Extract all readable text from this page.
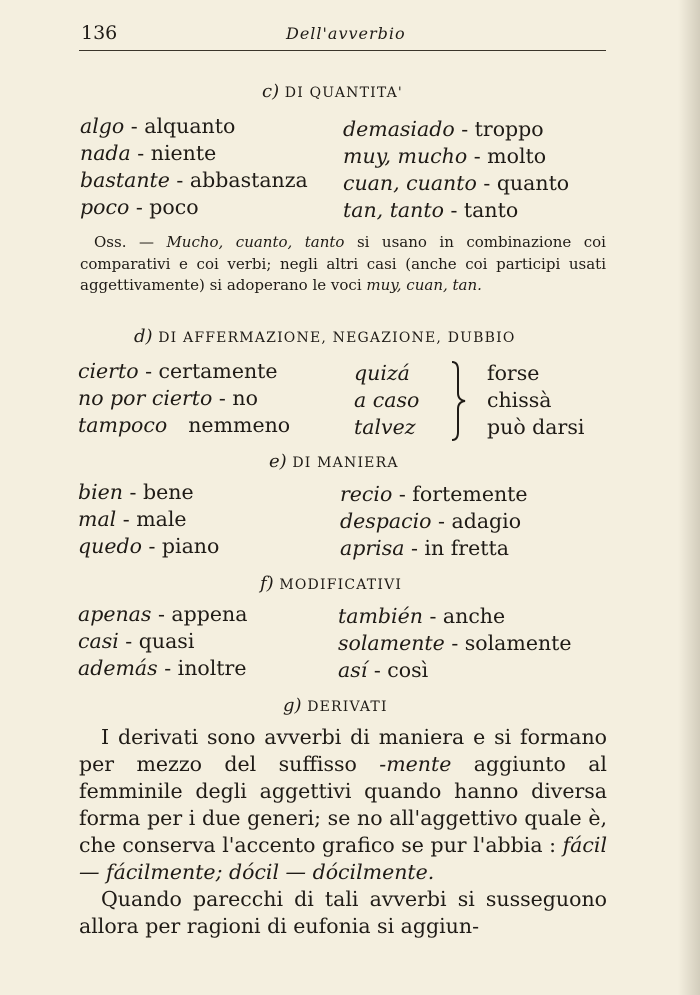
136	Dell'avverbio
c) DI QUANTITA'
algo - alquanto
nada - niente
bastante - abbastanza
poco - poco
demasiado - troppo
muy, mucho - molto
cuan, cuanto - quanto
tan, tanto - tanto
Oss. — Mucho, cuanto, tanto si usano in combinazione coi comparativi e coi verbi; negli altri casi (anche coi participi usati aggettivamente) si adoperano le voci muy, cuan, tan.
d) DI AFFERMAZIONE, NEGAZIONE, DUBBIO
cierto - certamente
no por cierto - no
tampoco nemmeno
quizá
a caso
talvez
forse
chissà
può darsi
e) DI MANIERA
bien - bene
mal - male
quedo - piano
recio - fortemente
despacio - adagio
aprisa - in fretta
f) MODIFICATIVI
apenas - appena
casi - quasi
además - inoltre
también - anche
solamente - solamente
así - così
g) DERIVATI

I derivati sono avverbi di maniera e si formano per mezzo del suffisso -mente aggiunto al femminile degli aggettivi quando hanno diversa forma per i due generi; se no all'aggettivo quale è, che conserva l'accento grafico se pur l'abbia : fácil — fácilmente; dócil — dócilmente.

Quando parecchi di tali avverbi si susseguono allora per ragioni di eufonia si aggiun-
